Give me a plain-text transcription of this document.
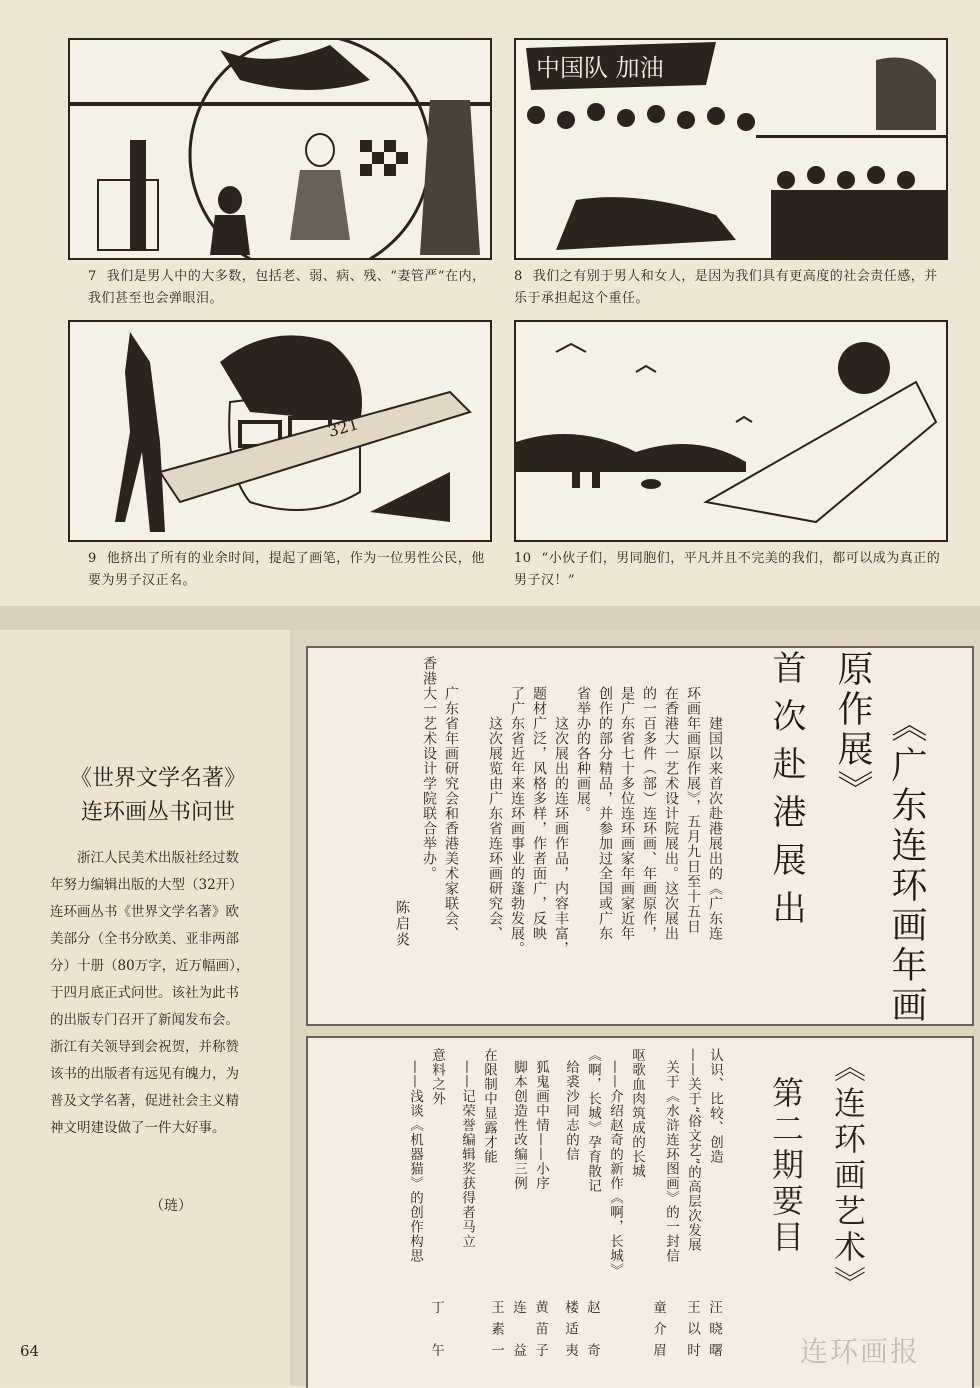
7 我们是男人中的大多数，包括老、弱、病、残、“妻管严”在内，我们甚至也会弹眼泪。
中国队 加油
8 我们之有别于男人和女人，是因为我们具有更高度的社会责任感，并乐于承担起这个重任。
321
9 他挤出了所有的业余时间，提起了画笔，作为一位男性公民，他要为男子汉正名。
10 “小伙子们，男同胞们，平凡并且不完美的我们，都可以成为真正的男子汉！”
《世界文学名著》
连环画丛书问世
浙江人民美术出版社经过数年努力编辑出版的大型（32开）连环画丛书《世界文学名著》欧美部分（全书分欧美、亚非两部分）十册（80万字，近万幅画），于四月底正式问世。该社为此书的出版专门召开了新闻发布会。浙江有关领导到会祝贺，并称赞该书的出版者有远见有魄力，为普及文学名著，促进社会主义精神文明建设做了一件大好事。
（琏）
《广东连环画年画
原作展》
首次赴港展出
建国以来首次赴港展出的《广东连
环画年画原作展》，五月九日至十五日
在香港大一艺术设计院展出。这次展出
的一百多件（部）连环画、年画原作，
是广东省七十多位连环画家年画家近年
创作的部分精品，并参加过全国或广东
省举办的各种画展。
这次展出的连环画作品，内容丰富，
题材广泛，风格多样，作者面广，反映
了广东省近年来连环画事业的蓬勃发展。
这次展览由广东省连环画研究会、
广东省年画研究会和香港美术家联会、
香港大一艺术设计学院联合举办。
陈启炎
《连环画艺术》
第二期要目
认识、比较、创造
汪晓曙
——关于“俗文艺”的高层次发展
关于《水浒连环图画》的一封信
王以时
呕歌血肉筑成的长城
童介眉
——介绍赵奇的新作《啊，长城》
《啊，长城》孕育散记
赵　奇
给裘沙同志的信
楼适夷
狐鬼画中情——小序
黄苗子
脚本创造性改编三例
连　益
在限制中显露才能
王素一
——记荣誉编辑奖获得者马立
意料之外
丁　午
——浅谈《机器猫》的创作构思
64	连环画报
